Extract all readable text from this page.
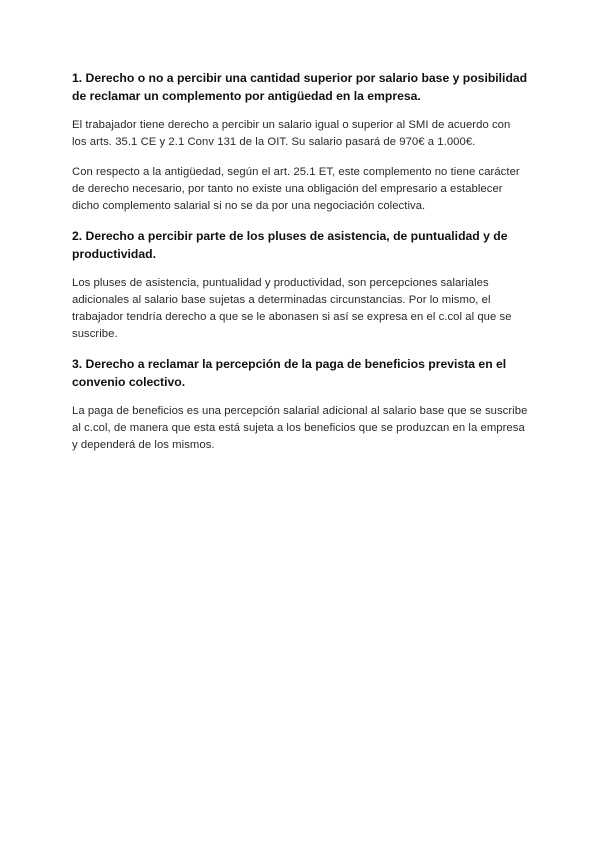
1. Derecho o no a percibir una cantidad superior por salario base y posibilidad de reclamar un complemento por antigüedad en la empresa.

El trabajador tiene derecho a percibir un salario igual o superior al SMI de acuerdo con los arts. 35.1 CE y 2.1 Conv 131 de la OIT. Su salario pasará de 970€ a 1.000€.

Con respecto a la antigüedad, según el art. 25.1 ET, este complemento no tiene carácter de derecho necesario, por tanto no existe una obligación del empresario a establecer dicho complemento salarial si no se da por una negociación colectiva.

2. Derecho a percibir parte de los pluses de asistencia, de puntualidad y de productividad.

Los pluses de asistencia, puntualidad y productividad, son percepciones salariales adicionales al salario base sujetas a determinadas circunstancias. Por lo mismo, el trabajador tendría derecho a que se le abonasen si así se expresa en el c.col al que se suscribe.

3. Derecho a reclamar la percepción de la paga de beneficios prevista en el convenio colectivo.

La paga de beneficios es una percepción salarial adicional al salario base que se suscribe al c.col, de manera que esta está sujeta a los beneficios que se produzcan en la empresa y dependerá de los mismos.
